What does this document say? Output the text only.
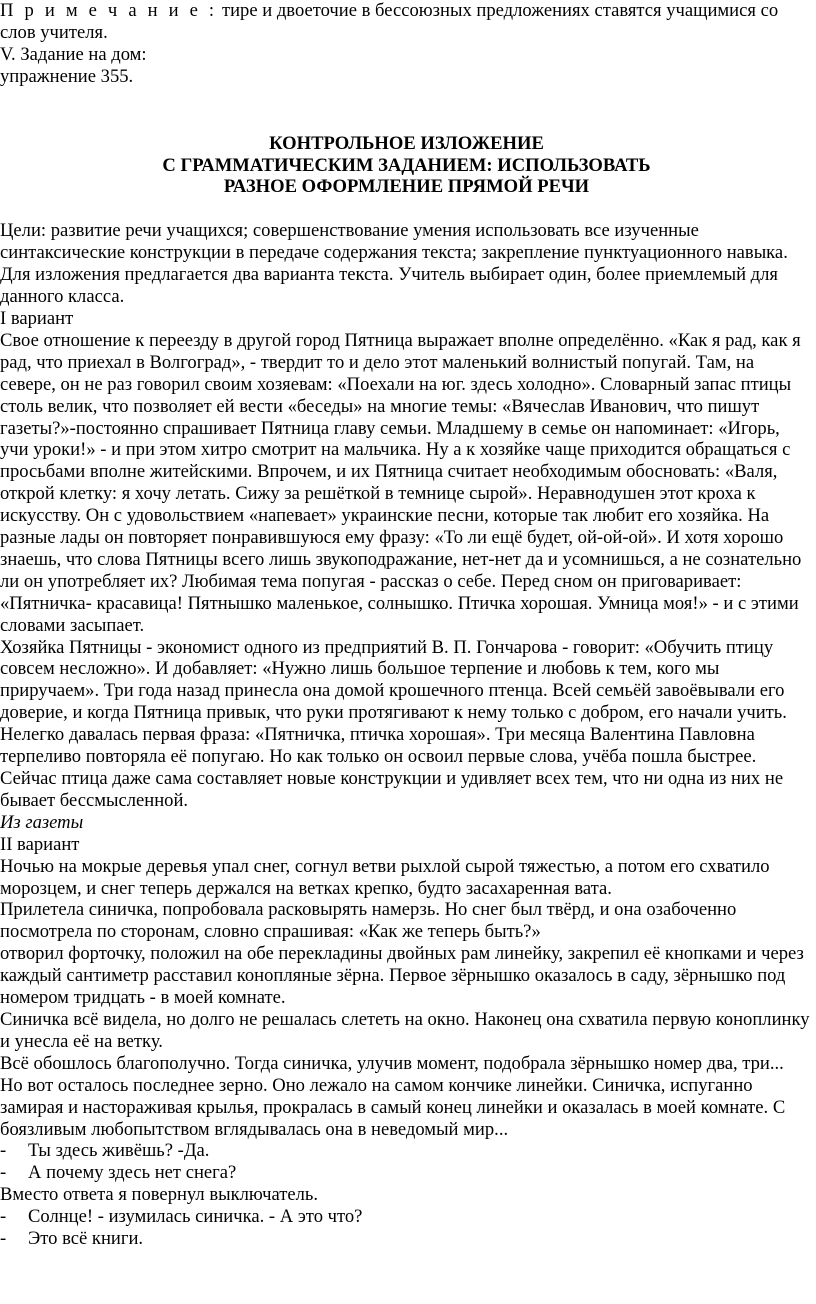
П р и м е ч а н и е : тире и двоеточие в бессоюзных предложениях ставятся учащимися со слов учителя.

V. Задание на дом:

упражнение 355.

КОНТРОЛЬНОЕ ИЗЛОЖЕНИЕ

С ГРАММАТИЧЕСКИМ ЗАДАНИЕМ: ИСПОЛЬЗОВАТЬ

РАЗНОЕ ОФОРМЛЕНИЕ ПРЯМОЙ РЕЧИ

Цели: развитие речи учащихся; совершенствование умения использовать все изученные синтаксические конструкции в передаче содержания текста; закрепление пунктуационного навыка.

Для изложения предлагается два варианта текста. Учитель выбирает один, более приемлемый для данного класса.

I вариант

Свое отношение к переезду в другой город Пятница выражает вполне определённо. «Как я рад, как я рад, что приехал в Волгоград», - твердит то и дело этот маленький волнистый попугай. Там, на севере, он не раз говорил своим хозяевам: «Поехали на юг. здесь холодно». Словарный запас птицы столь велик, что позволяет ей вести «беседы» на многие темы: «Вячеслав Иванович, что пишут газеты?»-постоянно спрашивает Пятница главу семьи. Младшему в семье он напоминает: «Игорь, учи уроки!» - и при этом хитро смотрит на мальчика. Ну а к хозяйке чаще приходится обращаться с просьбами вполне житейскими. Впрочем, и их Пятница считает необходимым обосновать: «Валя, открой клетку: я хочу летать. Сижу за решёткой в темнице сырой». Неравнодушен этот кроха к искусству. Он с удовольствием «напевает» украинские песни, которые так любит его хозяйка. На разные лады он повторяет понравившуюся ему фразу: «То ли ещё будет, ой-ой-ой». И хотя хорошо знаешь, что слова Пятницы всего лишь звукоподражание, нет-нет да и усомнишься, а не сознательно ли он употребляет их? Любимая тема попугая - рассказ о себе. Перед сном он приговаривает: «Пятничка- красавица! Пятнышко маленькое, солнышко. Птичка хорошая. Умница моя!» - и с этими словами засыпает.

Хозяйка Пятницы - экономист одного из предприятий В. П. Гончарова - говорит: «Обучить птицу совсем несложно». И добавляет: «Нужно лишь большое терпение и любовь к тем, кого мы приручаем». Три года назад принесла она домой крошечного птенца. Всей семьёй завоёвывали его доверие, и когда Пятница привык, что руки протягивают к нему только с добром, его начали учить. Нелегко давалась первая фраза: «Пятничка, птичка хорошая». Три месяца Валентина Павловна терпеливо повторяла её попугаю. Но как только он освоил первые слова, учёба пошла быстрее. Сейчас птица даже сама составляет новые конструкции и удивляет всех тем, что ни одна из них не бывает бессмысленной.

Из газеты

II вариант

Ночью на мокрые деревья упал снег, согнул ветви рыхлой сырой тяжестью, а потом его схватило морозцем, и снег теперь держался на ветках крепко, будто засахаренная вата.

Прилетела синичка, попробовала расковырять намерзь. Но снег был твёрд, и она озабоченно посмотрела по сторонам, словно спрашивая: «Как же теперь быть?»

отворил форточку, положил на обе перекладины двойных рам линейку, закрепил её кнопками и через каждый сантиметр расставил конопляные зёрна. Первое зёрнышко оказалось в саду, зёрнышко под номером тридцать - в моей комнате.

Синичка всё видела, но долго не решалась слететь на окно. Наконец она схватила первую коноплинку и унесла её на ветку.

Всё обошлось благополучно. Тогда синичка, улучив момент, подобрала зёрнышко номер два, три...

Но вот осталось последнее зерно. Оно лежало на самом кончике линейки. Синичка, испуганно замирая и настораживая крылья, прокралась в самый конец линейки и оказалась в моей комнате. С боязливым любопытством вглядывалась она в неведомый мир...

-	Ты здесь живёшь? -Да.
-	А почему здесь нет снега?

Вместо ответа я повернул выключатель.

-	Солнце! - изумилась синичка. - А это что?
-	Это всё книги.
